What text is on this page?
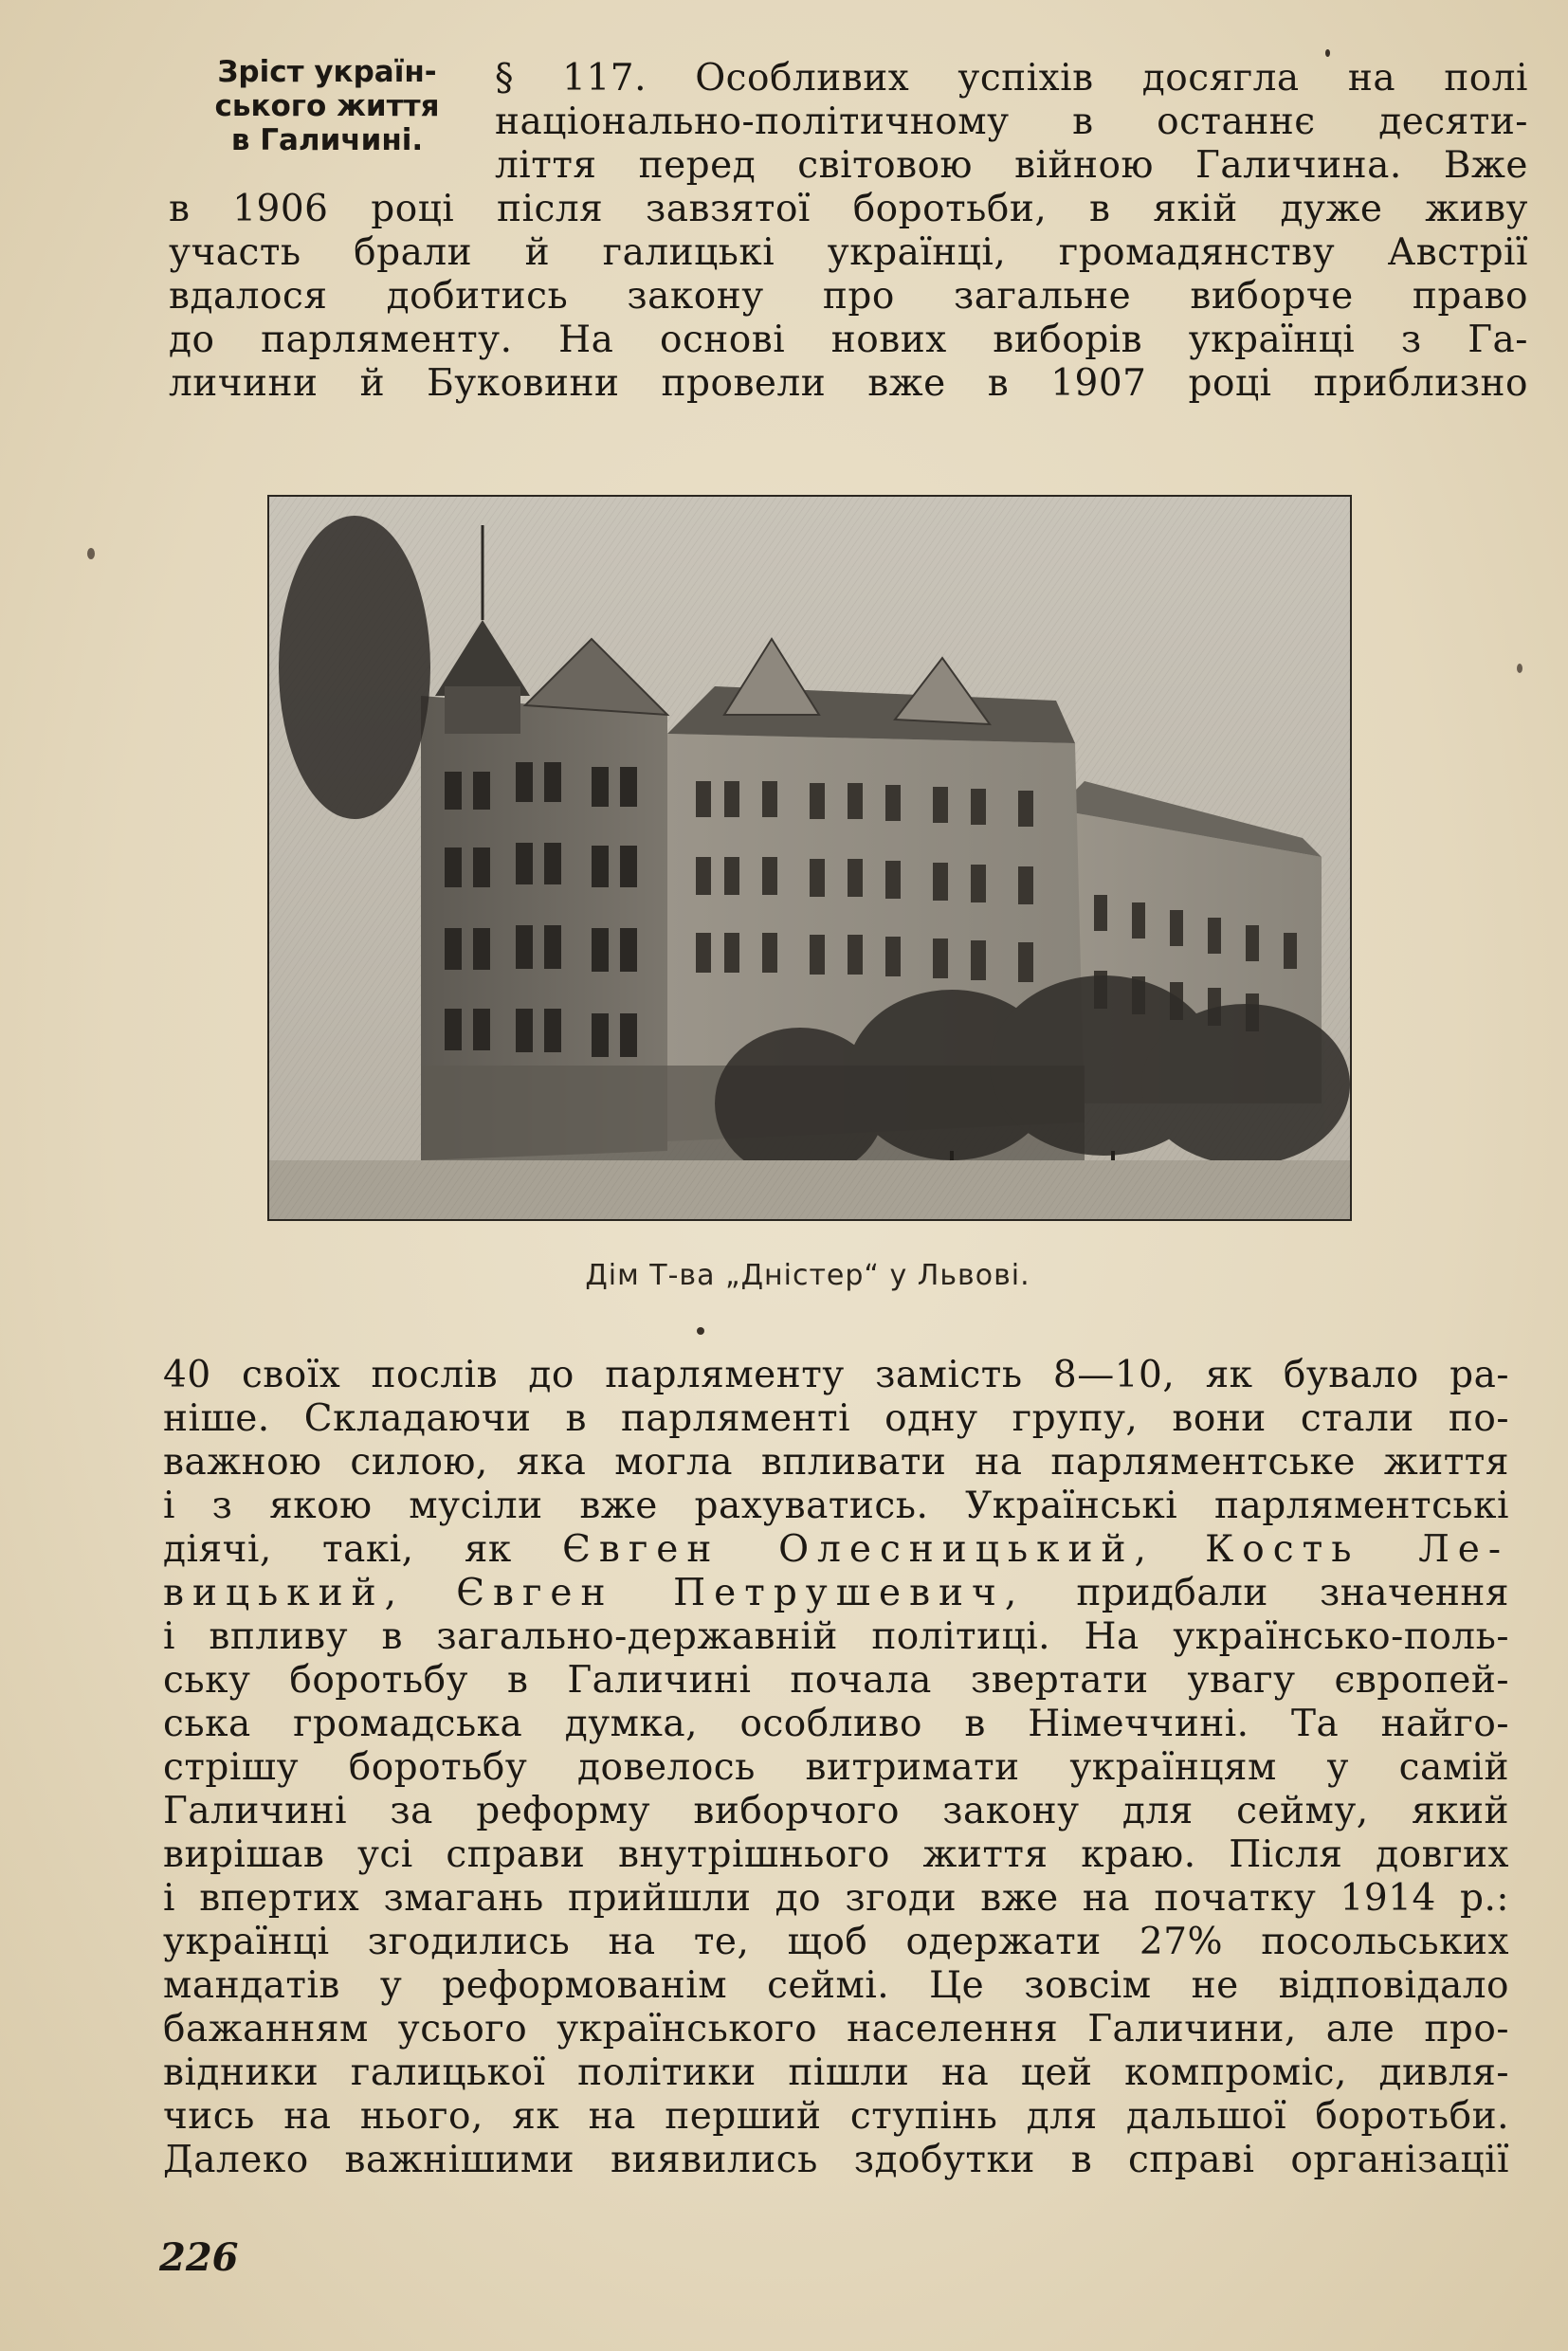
Зріст україн-
ського життя
в Галичині.
§ 117. Особливих успіхів досягла на полі
національно-політичному в останнє десяти-
ліття перед світовою війною Галичина. Вже
в 1906 році після завзятої боротьби, в якій дуже живу
участь брали й галицькі українці, громадянству Австрії
вдалося добитись закону про загальне виборче право
до парляменту. На основі нових виборів українці з Га-
личини й Буковини провели вже в 1907 році приблизно
Дім Т-ва „Дністер“ у Львові.
40 своїх послів до парляменту замість 8—10, як бувало ра-
ніше. Складаючи в парляменті одну групу, вони стали по-
важною силою, яка могла впливати на парляментське життя
і з якою мусіли вже рахуватись. Українські парляментські
діячі, такі, як Євген Олесницький, Кость Ле-
вицький, Євген Петрушевич, придбали значення
і впливу в загально-державній політиці. На українсько-поль-
ську боротьбу в Галичині почала звертати увагу європей-
ська громадська думка, особливо в Німеччині. Та найго-
стрішу боротьбу довелось витримати українцям у самій
Галичині за реформу виборчого закону для сейму, який
вирішав усі справи внутрішнього життя краю. Після довгих
і впертих змагань прийшли до згоди вже на початку 1914 р.:
українці згодились на те, щоб одержати 27% посольських
мандатів у реформованім сеймі. Це зовсім не відповідало
бажанням усього українського населення Галичини, але про-
відники галицької політики пішли на цей компроміс, дивля-
чись на нього, як на перший ступінь для дальшої боротьби.
Далеко важнішими виявились здобутки в справі організації
226
